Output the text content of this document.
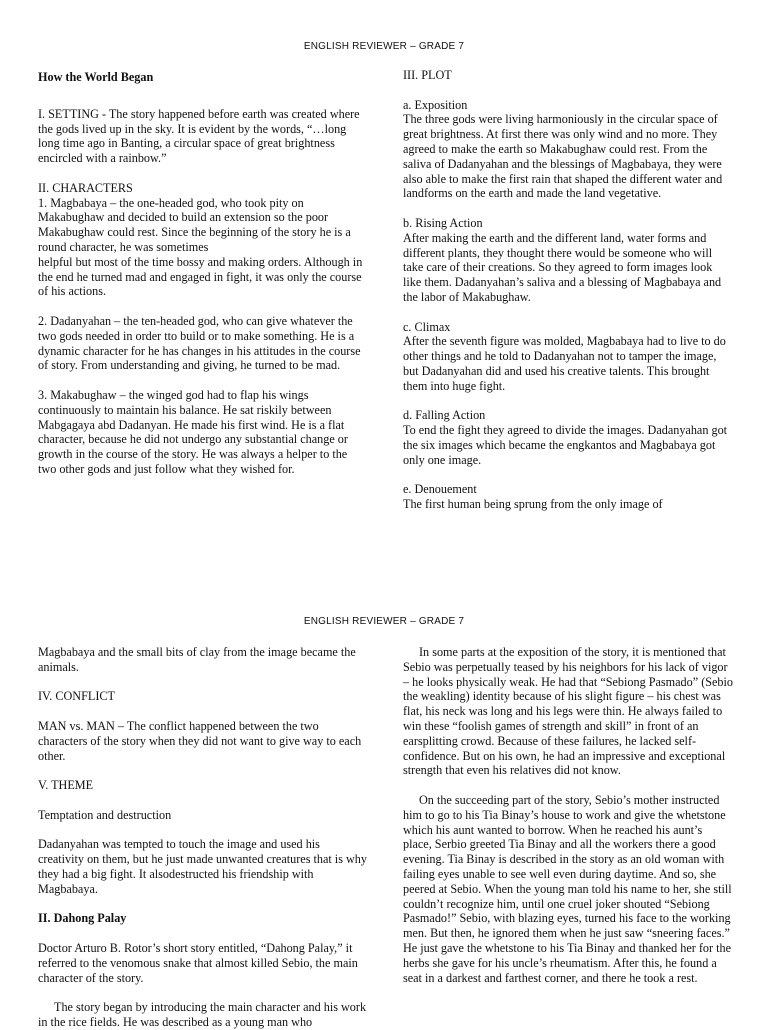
ENGLISH REVIEWER – GRADE 7
How the World Began

I. SETTING - The story happened before earth was created where the gods lived up in the sky. It is evident by the words, “…long long time ago in Banting, a circular space of great brightness encircled with a rainbow.”

II. CHARACTERS

1. Magbabaya – the one-headed god, who took pity on Makabughaw and decided to build an extension so the poor Makabughaw could rest. Since the beginning of the story he is a round character, he was sometimes

helpful but most of the time bossy and making orders. Although in the end he turned mad and engaged in fight, it was only the course of his actions.

2. Dadanyahan – the ten-headed god, who can give whatever the two gods needed in order tto build or to make something. He is a dynamic character for he has changes in his attitudes in the course of story. From understanding and giving, he turned to be mad.

3. Makabughaw – the winged god had to flap his wings continuously to maintain his balance. He sat riskily between Mabgagaya abd Dadanyan. He made his first wind. He is a flat character, because he did not undergo any substantial change or growth in the course of the story. He was always a helper to the two other gods and just follow what they wished for.

III. PLOT

a. Exposition

The three gods were living harmoniously in the circular space of great brightness. At first there was only wind and no more. They agreed to make the earth so Makabughaw could rest. From the saliva of Dadanyahan and the blessings of Magbabaya, they were also able to make the first rain that shaped the different water and landforms on the earth and made the land vegetative.

b. Rising Action

After making the earth and the different land, water forms and different plants, they thought there would be someone who will take care of their creations. So they agreed to form images look like them. Dadanyahan’s saliva and a blessing of Magbabaya and the labor of Makabughaw.

c. Climax

After the seventh figure was molded, Magbabaya had to live to do other things and he told to Dadanyahan not to tamper the image, but Dadanyahan did and used his creative talents. This brought them into huge fight.

d. Falling Action

To end the fight they agreed to divide the images. Dadanyahan got the six images which became the engkantos and Magbabaya got only one image.

e. Denouement

The first human being sprung from the only image of

ENGLISH REVIEWER – GRADE 7

Magbabaya and the small bits of clay from the image became the animals.

IV. CONFLICT

MAN vs. MAN – The conflict happened between the two characters of the story when they did not want to give way to each other.

V. THEME

Temptation and destruction

Dadanyahan was tempted to touch the image and used his creativity on them, but he just made unwanted creatures that is why they had a big fight. It alsodestructed his friendship with Magbabaya.

II. Dahong Palay

Doctor Arturo B. Rotor’s short story entitled, “Dahong Palay,” it referred to the venomous snake that almost killed Sebio, the main character of the story.

The story began by introducing the main character and his work in the rice fields. He was described as a young man who

In some parts at the exposition of the story, it is mentioned that Sebio was perpetually teased by his neighbors for his lack of vigor – he looks physically weak. He had that “Sebiong Pasmado” (Sebio the weakling) identity because of his slight figure – his chest was flat, his neck was long and his legs were thin. He always failed to win these “foolish games of strength and skill” in front of an earsplitting crowd. Because of these failures, he lacked self-confidence. But on his own, he had an impressive and exceptional strength that even his relatives did not know.

On the succeeding part of the story, Sebio’s mother instructed him to go to his Tia Binay’s house to work and give the whetstone which his aunt wanted to borrow. When he reached his aunt’s place, Serbio greeted Tia Binay and all the workers there a good evening. Tia Binay is described in the story as an old woman with failing eyes unable to see well even during daytime. And so, she peered at Sebio. When the young man told his name to her, she still couldn’t recognize him, until one cruel joker shouted “Sebiong Pasmado!” Sebio, with blazing eyes, turned his face to the working men. But then, he ignored them when he just saw “sneering faces.” He just gave the whetstone to his Tia Binay and thanked her for the herbs she gave for his uncle’s rheumatism. After this, he found a seat in a darkest and farthest corner, and there he took a rest.
